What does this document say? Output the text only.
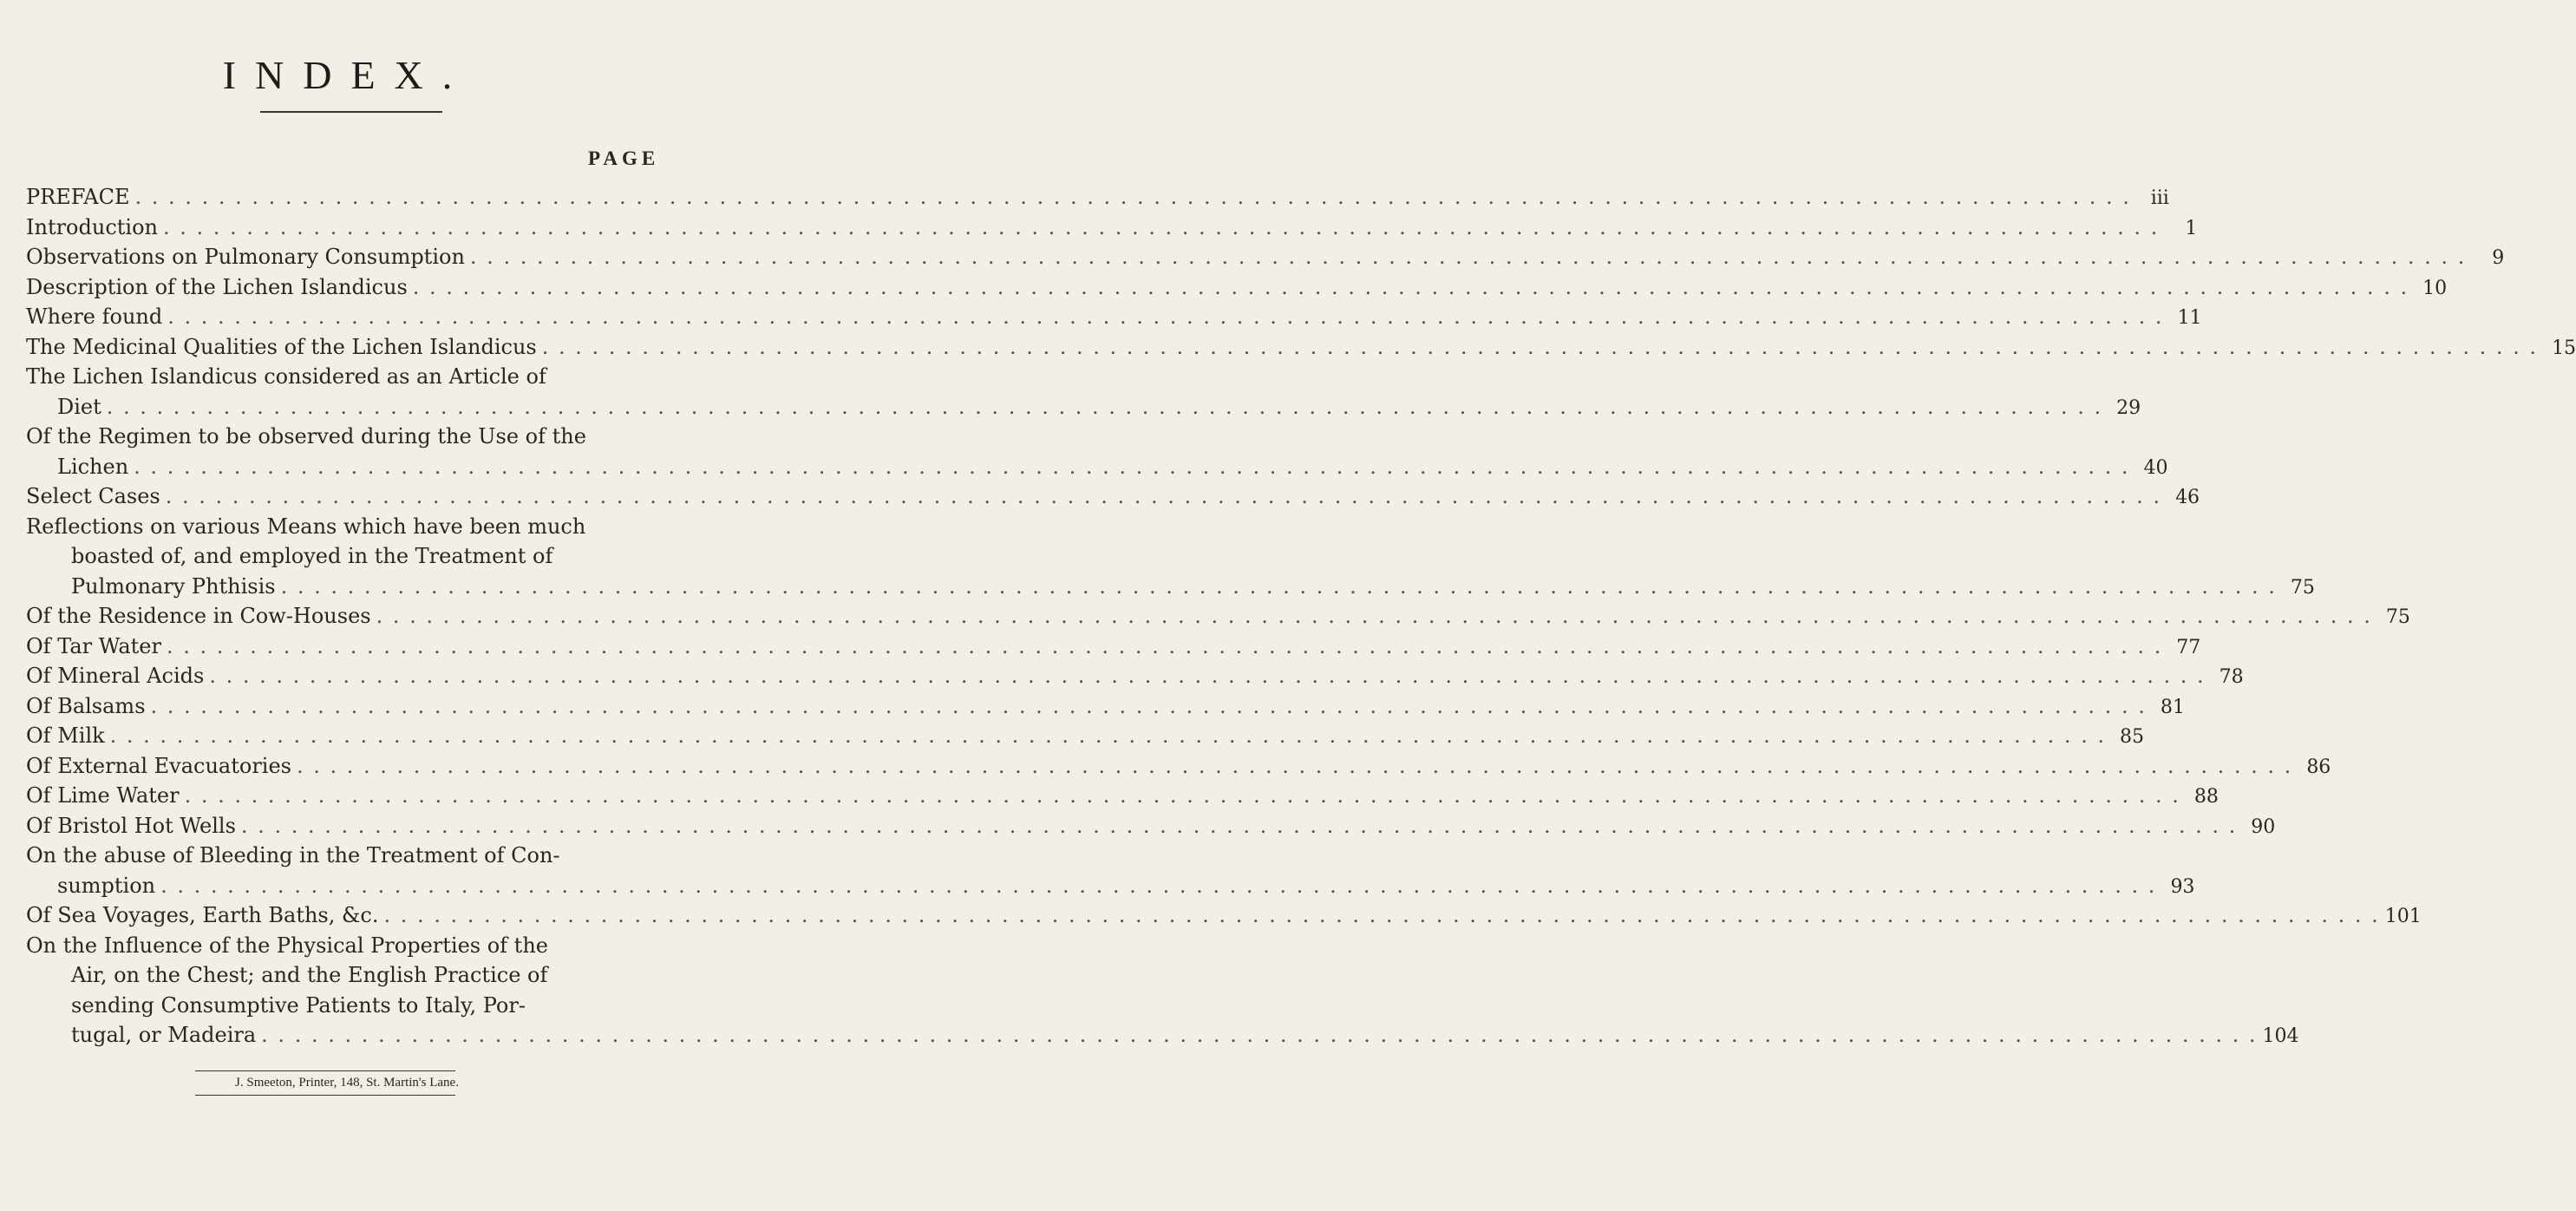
INDEX.
PAGE
PREFACE . . . . . . . . . . . . . . . . . . . . . . . . . . . . . . . . . . . . . . . . . . . . . . . . . . . . . . . . . . . . . . . . . . . . . . . . . . . . . . . . . . . . . . . . . . . . . . . . . . . . . . . . . . . . . . . . . . . . . . . .	iii
Introduction . . . . . . . . . . . . . . . . . . . . . . . . . . . . . . . . . . . . . . . . . . . . . . . . . . . . . . . . . . . . . . . . . . . . . . . . . . . . . . . . . . . . . . . . . . . . . . . . . . . . . . . . . . . . . . . . . . . . . . . .	1
Observations on Pulmonary Consumption . . . . . . . . . . . . . . . . . . . . . . . . . . . . . . . . . . . . . . . . . . . . . . . . . . . . . . . . . . . . . . . . . . . . . . . . . . . . . . . . . . . . . . . . . . . . . . . . . . . . . . . . . . . . . . . . . . . . . . . .	9
Description of the Lichen Islandicus . . . . . . . . . . . . . . . . . . . . . . . . . . . . . . . . . . . . . . . . . . . . . . . . . . . . . . . . . . . . . . . . . . . . . . . . . . . . . . . . . . . . . . . . . . . . . . . . . . . . . . . . . . . . . . . . . . . . . . . . 10
Where found . . . . . . . . . . . . . . . . . . . . . . . . . . . . . . . . . . . . . . . . . . . . . . . . . . . . . . . . . . . . . . . . . . . . . . . . . . . . . . . . . . . . . . . . . . . . . . . . . . . . . . . . . . . . . . . . . . . . . . . . 11
The Medicinal Qualities of the Lichen Islandicus . . . . . . . . . . . . . . . . . . . . . . . . . . . . . . . . . . . . . . . . . . . . . . . . . . . . . . . . . . . . . . . . . . . . . . . . . . . . . . . . . . . . . . . . . . . . . . . . . . . . . . . . . . . . . . . . . . . . . . . . 15
The Lichen Islandicus considered as an Article of
Diet . . . . . . . . . . . . . . . . . . . . . . . . . . . . . . . . . . . . . . . . . . . . . . . . . . . . . . . . . . . . . . . . . . . . . . . . . . . . . . . . . . . . . . . . . . . . . . . . . . . . . . . . . . . . . . . . . . . . . . . . 29
Of the Regimen to be observed during the Use of the
Lichen . . . . . . . . . . . . . . . . . . . . . . . . . . . . . . . . . . . . . . . . . . . . . . . . . . . . . . . . . . . . . . . . . . . . . . . . . . . . . . . . . . . . . . . . . . . . . . . . . . . . . . . . . . . . . . . . . . . . . . . . 40
Select Cases . . . . . . . . . . . . . . . . . . . . . . . . . . . . . . . . . . . . . . . . . . . . . . . . . . . . . . . . . . . . . . . . . . . . . . . . . . . . . . . . . . . . . . . . . . . . . . . . . . . . . . . . . . . . . . . . . . . . . . . . 46
Reflections on various Means which have been much
boasted of, and employed in the Treatment of
Pulmonary Phthisis . . . . . . . . . . . . . . . . . . . . . . . . . . . . . . . . . . . . . . . . . . . . . . . . . . . . . . . . . . . . . . . . . . . . . . . . . . . . . . . . . . . . . . . . . . . . . . . . . . . . . . . . . . . . . . . . . . . . . . . . 75
Of the Residence in Cow-Houses . . . . . . . . . . . . . . . . . . . . . . . . . . . . . . . . . . . . . . . . . . . . . . . . . . . . . . . . . . . . . . . . . . . . . . . . . . . . . . . . . . . . . . . . . . . . . . . . . . . . . . . . . . . . . . . . . . . . . . . . 75
Of Tar Water . . . . . . . . . . . . . . . . . . . . . . . . . . . . . . . . . . . . . . . . . . . . . . . . . . . . . . . . . . . . . . . . . . . . . . . . . . . . . . . . . . . . . . . . . . . . . . . . . . . . . . . . . . . . . . . . . . . . . . . . 77
Of Mineral Acids . . . . . . . . . . . . . . . . . . . . . . . . . . . . . . . . . . . . . . . . . . . . . . . . . . . . . . . . . . . . . . . . . . . . . . . . . . . . . . . . . . . . . . . . . . . . . . . . . . . . . . . . . . . . . . . . . . . . . . . . 78
Of Balsams . . . . . . . . . . . . . . . . . . . . . . . . . . . . . . . . . . . . . . . . . . . . . . . . . . . . . . . . . . . . . . . . . . . . . . . . . . . . . . . . . . . . . . . . . . . . . . . . . . . . . . . . . . . . . . . . . . . . . . . . 81
Of Milk . . . . . . . . . . . . . . . . . . . . . . . . . . . . . . . . . . . . . . . . . . . . . . . . . . . . . . . . . . . . . . . . . . . . . . . . . . . . . . . . . . . . . . . . . . . . . . . . . . . . . . . . . . . . . . . . . . . . . . . . 85
Of External Evacuatories . . . . . . . . . . . . . . . . . . . . . . . . . . . . . . . . . . . . . . . . . . . . . . . . . . . . . . . . . . . . . . . . . . . . . . . . . . . . . . . . . . . . . . . . . . . . . . . . . . . . . . . . . . . . . . . . . . . . . . . . 86
Of Lime Water . . . . . . . . . . . . . . . . . . . . . . . . . . . . . . . . . . . . . . . . . . . . . . . . . . . . . . . . . . . . . . . . . . . . . . . . . . . . . . . . . . . . . . . . . . . . . . . . . . . . . . . . . . . . . . . . . . . . . . . . 88
Of Bristol Hot Wells . . . . . . . . . . . . . . . . . . . . . . . . . . . . . . . . . . . . . . . . . . . . . . . . . . . . . . . . . . . . . . . . . . . . . . . . . . . . . . . . . . . . . . . . . . . . . . . . . . . . . . . . . . . . . . . . . . . . . . . . 90
On the abuse of Bleeding in the Treatment of Con-
sumption . . . . . . . . . . . . . . . . . . . . . . . . . . . . . . . . . . . . . . . . . . . . . . . . . . . . . . . . . . . . . . . . . . . . . . . . . . . . . . . . . . . . . . . . . . . . . . . . . . . . . . . . . . . . . . . . . . . . . . . . 93
Of Sea Voyages, Earth Baths, &c. . . . . . . . . . . . . . . . . . . . . . . . . . . . . . . . . . . . . . . . . . . . . . . . . . . . . . . . . . . . . . . . . . . . . . . . . . . . . . . . . . . . . . . . . . . . . . . . . . . . . . . . . . . . . . . . . . . . . . . . . 101
On the Influence of the Physical Properties of the
Air, on the Chest; and the English Practice of
sending Consumptive Patients to Italy, Por-
tugal, or Madeira . . . . . . . . . . . . . . . . . . . . . . . . . . . . . . . . . . . . . . . . . . . . . . . . . . . . . . . . . . . . . . . . . . . . . . . . . . . . . . . . . . . . . . . . . . . . . . . . . . . . . . . . . . . . . . . . . . . . . . . . 104
J. Smeeton, Printer, 148, St. Martin's Lane.
